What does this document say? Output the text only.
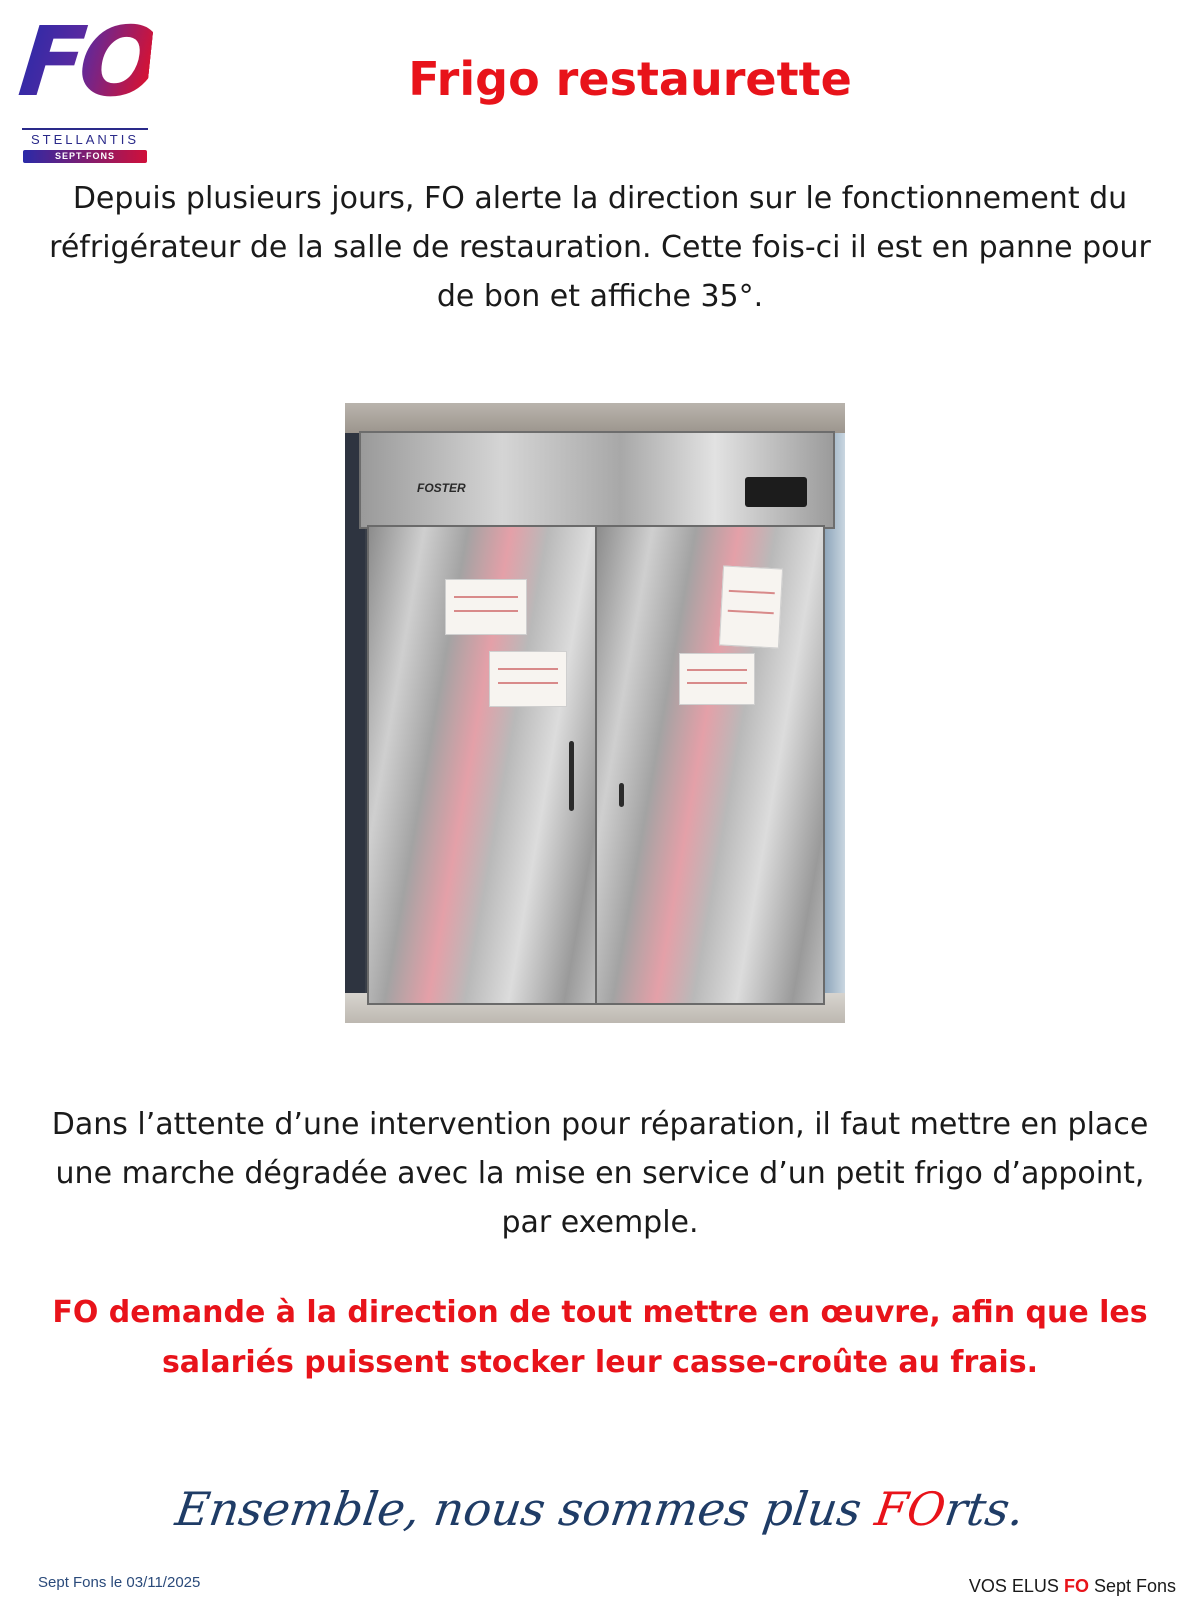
FO
STELLANTIS
SEPT-FONS
Frigo restaurette

Depuis plusieurs jours, FO alerte la direction sur le fonctionnement du réfrigérateur de la salle de restauration. Cette fois-ci il est en panne pour de bon et affiche 35°.

FOSTER

Dans l’attente d’une intervention pour réparation, il faut mettre en place une marche dégradée avec la mise en service d’un petit frigo d’appoint, par exemple.

FO demande à la direction de tout mettre en œuvre, afin que les salariés puissent stocker leur casse-croûte au frais.

Ensemble, nous sommes plus FOrts.
Sept Fons le 03/11/2025	VOS ELUS FO Sept Fons
